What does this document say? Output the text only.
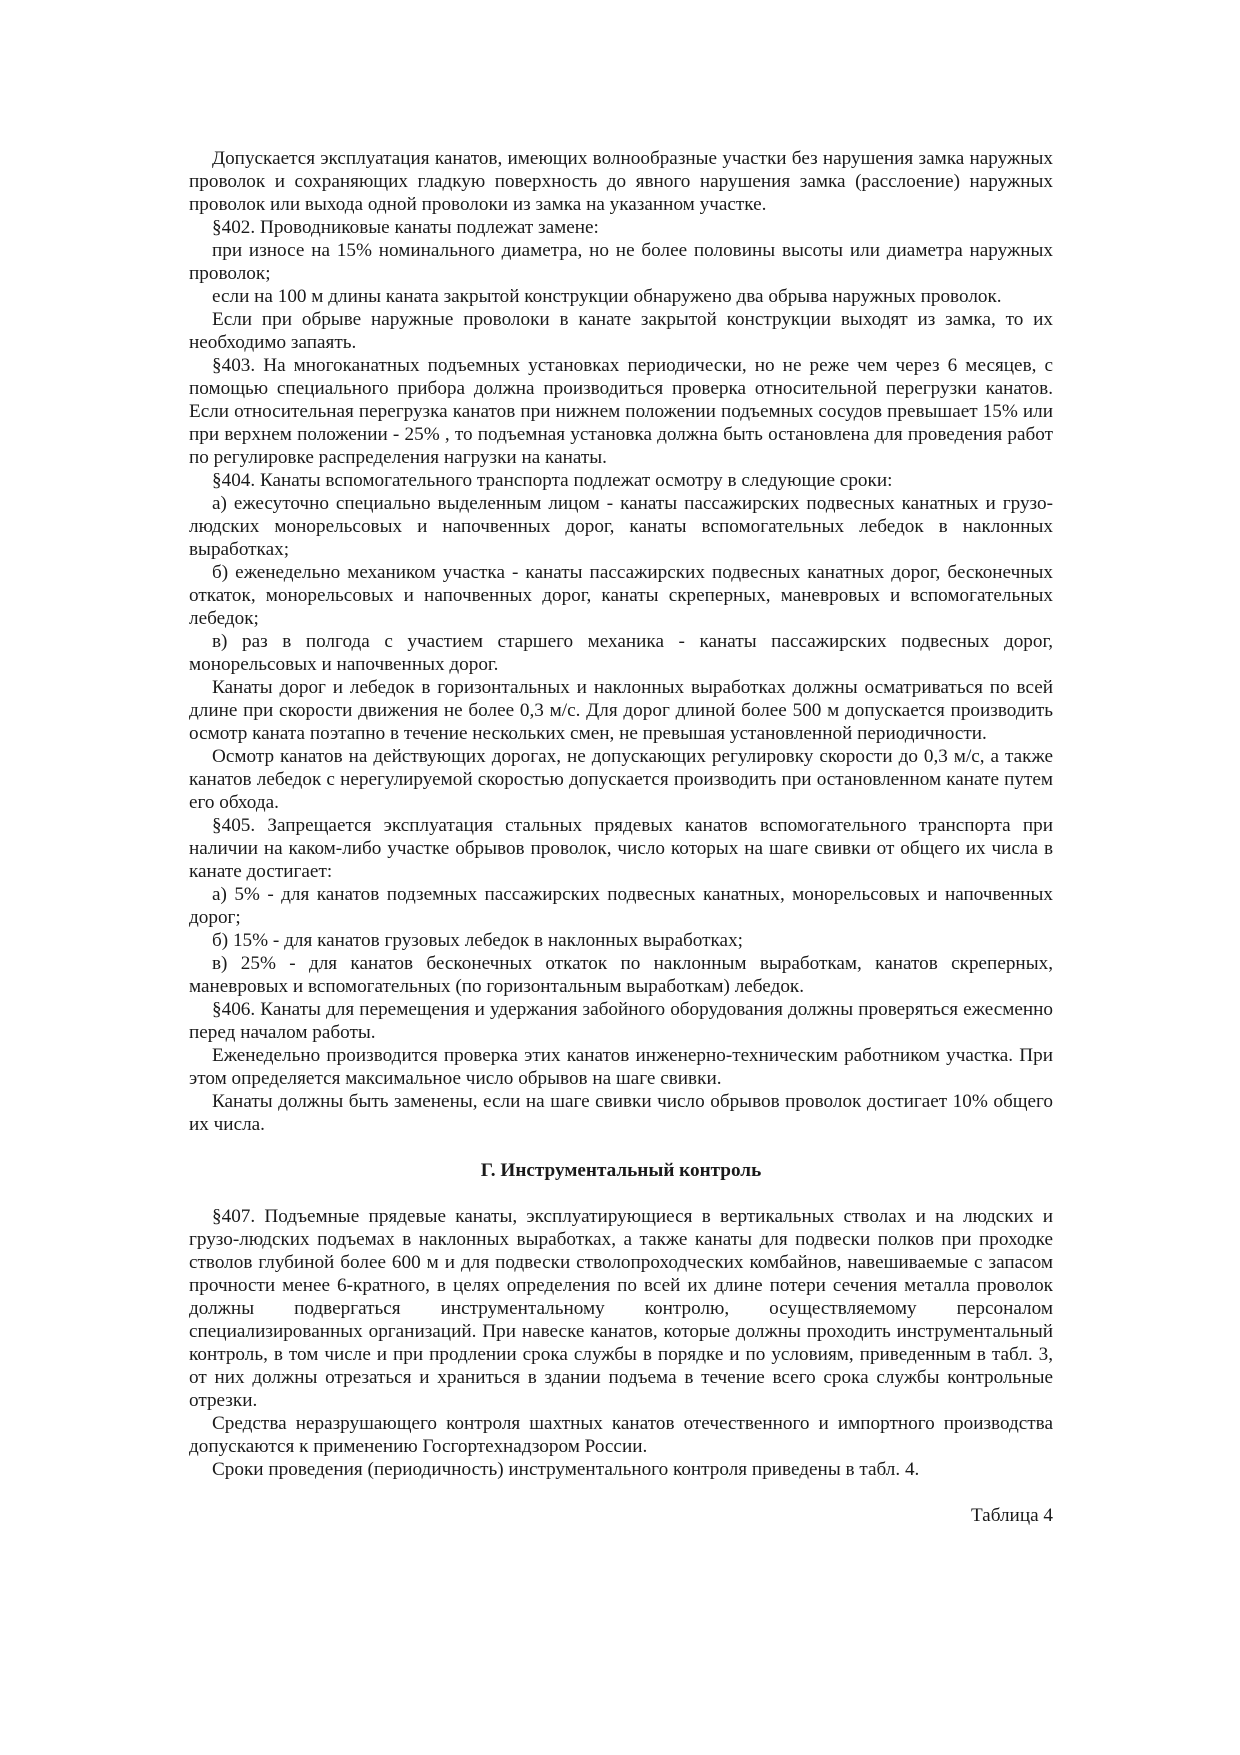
Допускается эксплуатация канатов, имеющих волнообразные участки без нарушения замка наружных проволок и сохраняющих гладкую поверхность до явного нарушения замка (расслоение) наружных проволок или выхода одной проволоки из замка на указанном участке.

§402. Проводниковые канаты подлежат замене:

при износе на 15% номинального диаметра, но не более половины высоты или диаметра наружных проволок;

если на 100 м длины каната закрытой конструкции обнаружено два обрыва наружных проволок.

Если при обрыве наружные проволоки в канате закрытой конструкции выходят из замка, то их необходимо запаять.

§403. На многоканатных подъемных установках периодически, но не реже чем через 6 месяцев, с помощью специального прибора должна производиться проверка относительной перегрузки канатов. Если относительная перегрузка канатов при нижнем положении подъемных сосудов превышает 15% или при верхнем положении - 25% , то подъемная установка должна быть остановлена для проведения работ по регулировке распределения нагрузки на канаты.

§404. Канаты вспомогательного транспорта подлежат осмотру в следующие сроки:

а) ежесуточно специально выделенным лицом - канаты пассажирских подвесных канатных и грузо-людских монорельсовых и напочвенных дорог, канаты вспомогательных лебедок в наклонных выработках;

б) еженедельно механиком участка - канаты пассажирских подвесных канатных дорог, бесконечных откаток, монорельсовых и напочвенных дорог, канаты скреперных, маневровых и вспомогательных лебедок;

в) раз в полгода с участием старшего механика - канаты пассажирских подвесных дорог, монорельсовых и напочвенных дорог.

Канаты дорог и лебедок в горизонтальных и наклонных выработках должны осматриваться по всей длине при скорости движения не более 0,3 м/с. Для дорог длиной более 500 м допускается производить осмотр каната поэтапно в течение нескольких смен, не превышая установленной периодичности.

Осмотр канатов на действующих дорогах, не допускающих регулировку скорости до 0,3 м/с, а также канатов лебедок с нерегулируемой скоростью допускается производить при остановленном канате путем его обхода.

§405. Запрещается эксплуатация стальных прядевых канатов вспомогательного транспорта при наличии на каком-либо участке обрывов проволок, число которых на шаге свивки от общего их числа в канате достигает:

а) 5% - для канатов подземных пассажирских подвесных канатных, монорельсовых и напочвенных дорог;

б) 15% - для канатов грузовых лебедок в наклонных выработках;

в) 25% - для канатов бесконечных откаток по наклонным выработкам, канатов скреперных, маневровых и вспомогательных (по горизонтальным выработкам) лебедок.

§406. Канаты для перемещения и удержания забойного оборудования должны проверяться ежесменно перед началом работы.

Еженедельно производится проверка этих канатов инженерно-техническим работником участка. При этом определяется максимальное число обрывов на шаге свивки.

Канаты должны быть заменены, если на шаге свивки число обрывов проволок достигает 10% общего их числа.

Г. Инструментальный контроль

§407. Подъемные прядевые канаты, эксплуатирующиеся в вертикальных стволах и на людских и грузо-людских подъемах в наклонных выработках, а также канаты для подвески полков при проходке стволов глубиной более 600 м и для подвески стволопроходческих комбайнов, навешиваемые с запасом прочности менее 6-кратного, в целях определения по всей их длине потери сечения металла проволок должны подвергаться инструментальному контролю, осуществляемому персоналом специализированных организаций. При навеске канатов, которые должны проходить инструментальный контроль, в том числе и при продлении срока службы в порядке и по условиям, приведенным в табл. 3, от них должны отрезаться и храниться в здании подъема в течение всего срока службы контрольные отрезки.

Средства неразрушающего контроля шахтных канатов отечественного и импортного производства допускаются к применению Госгортехнадзором России.

Сроки проведения (периодичность) инструментального контроля приведены в табл. 4.

Таблица 4
